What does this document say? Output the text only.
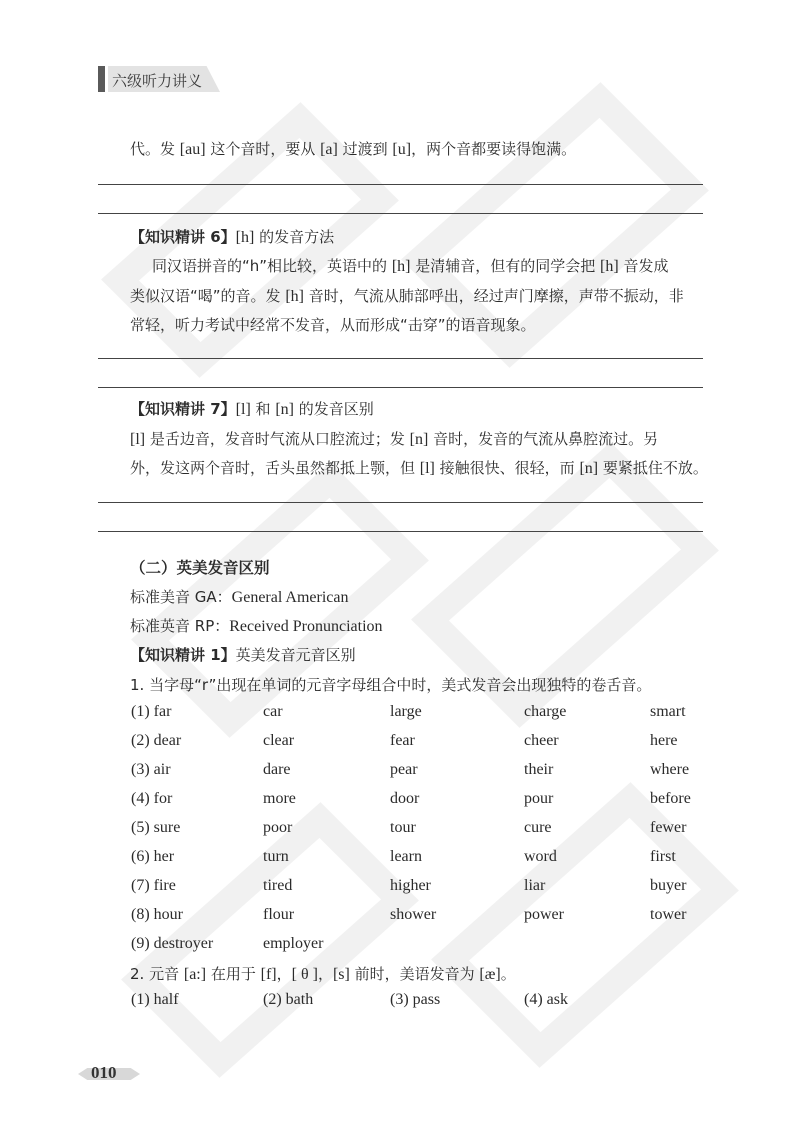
六级听力讲义
代。发 [au] 这个音时，要从 [a] 过渡到 [u]，两个音都要读得饱满。
【知识精讲 6】[h] 的发音方法
同汉语拼音的“h”相比较，英语中的 [h] 是清辅音，但有的同学会把 [h] 音发成
类似汉语“喝”的音。发 [h] 音时，气流从肺部呼出，经过声门摩擦，声带不振动，非
常轻，听力考试中经常不发音，从而形成“击穿”的语音现象。
【知识精讲 7】[l] 和 [n] 的发音区别
[l] 是舌边音，发音时气流从口腔流过；发 [n] 音时，发音的气流从鼻腔流过。另
外，发这两个音时，舌头虽然都抵上颚，但 [l] 接触很快、很轻，而 [n] 要紧抵住不放。
（二）英美发音区别
标准美音 GA：General American
标准英音 RP：Received Pronunciation
【知识精讲 1】英美发音元音区别
1. 当字母“r”出现在单词的元音字母组合中时，美式发音会出现独特的卷舌音。
(1) far	car	large	charge	smart
(2) dear	clear	fear	cheer	here
(3) air	dare	pear	their	where
(4) for	more	door	pour	before
(5) sure	poor	tour	cure	fewer
(6) her	turn	learn	word	first
(7) fire	tired	higher	liar	buyer
(8) hour	flour	shower	power	tower
(9) destroyer	employer
2. 元音 [a:] 在用于 [f]，[ θ ]，[s] 前时，美语发音为 [æ]。
(1) half	(2) bath	(3) pass	(4) ask
010
